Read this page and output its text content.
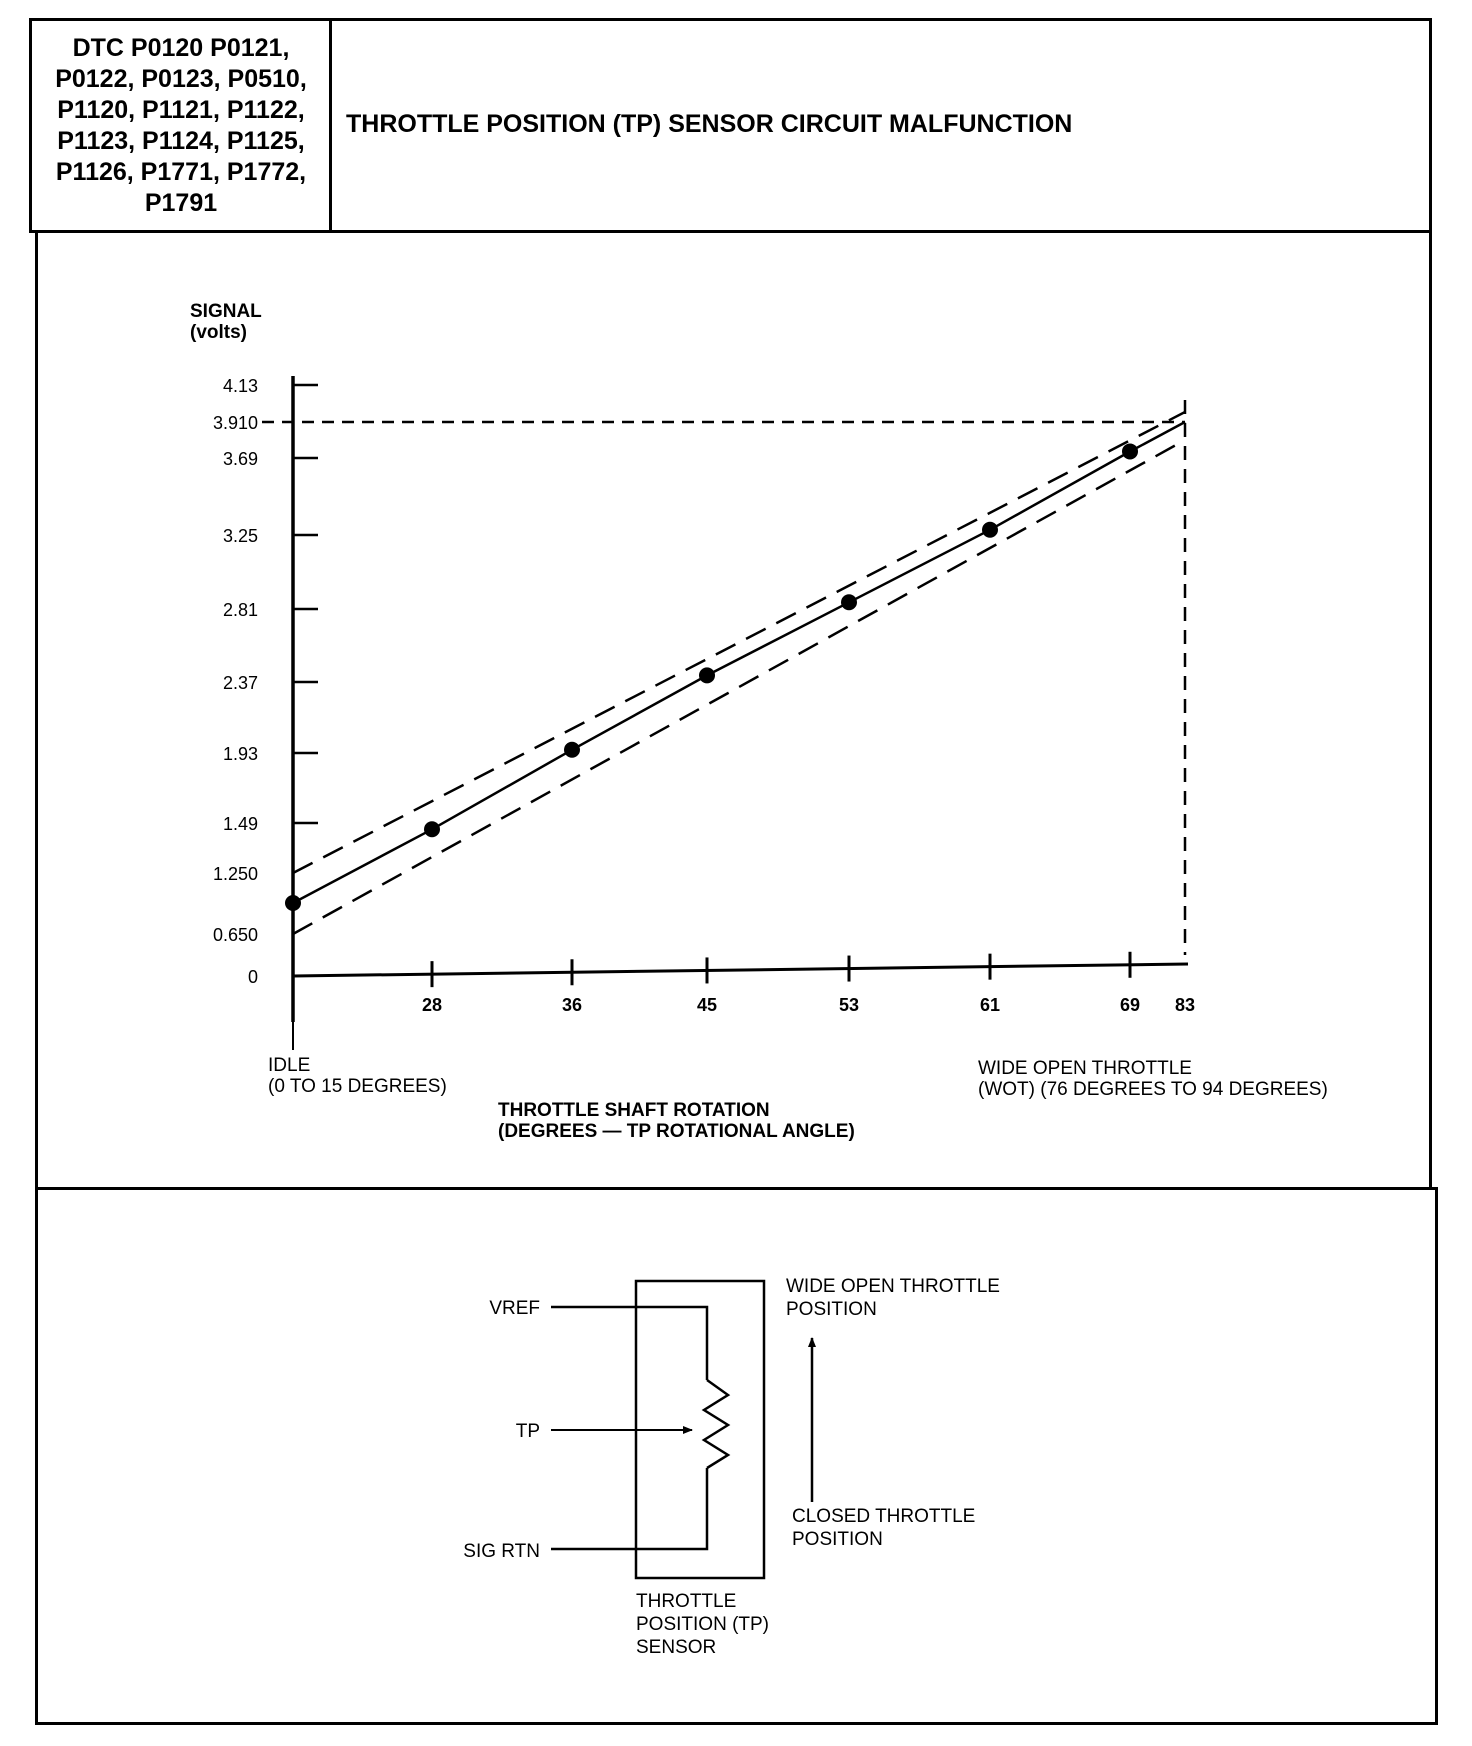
DTC P0120 P0121,
P0122, P0123, P0510,
P1120, P1121, P1122,
P1123, P1124, P1125,
P1126, P1771, P1772,
P1791
THROTTLE POSITION (TP) SENSOR CIRCUIT MALFUNCTION
SIGNAL
(volts)
4.13
3.910
3.69
3.25
2.81
2.37
1.93
1.49
1.250
0.650
0
28	36	45	53	61	69 83
IDLE
(0 TO 15 DEGREES)
WIDE OPEN THROTTLE
(WOT) (76 DEGREES TO 94 DEGREES)
THROTTLE SHAFT ROTATION
(DEGREES — TP ROTATIONAL ANGLE)
VREF
TP
SIG RTN
THROTTLE
POSITION (TP)
SENSOR
WIDE OPEN THROTTLE
POSITION
CLOSED THROTTLE
POSITION
